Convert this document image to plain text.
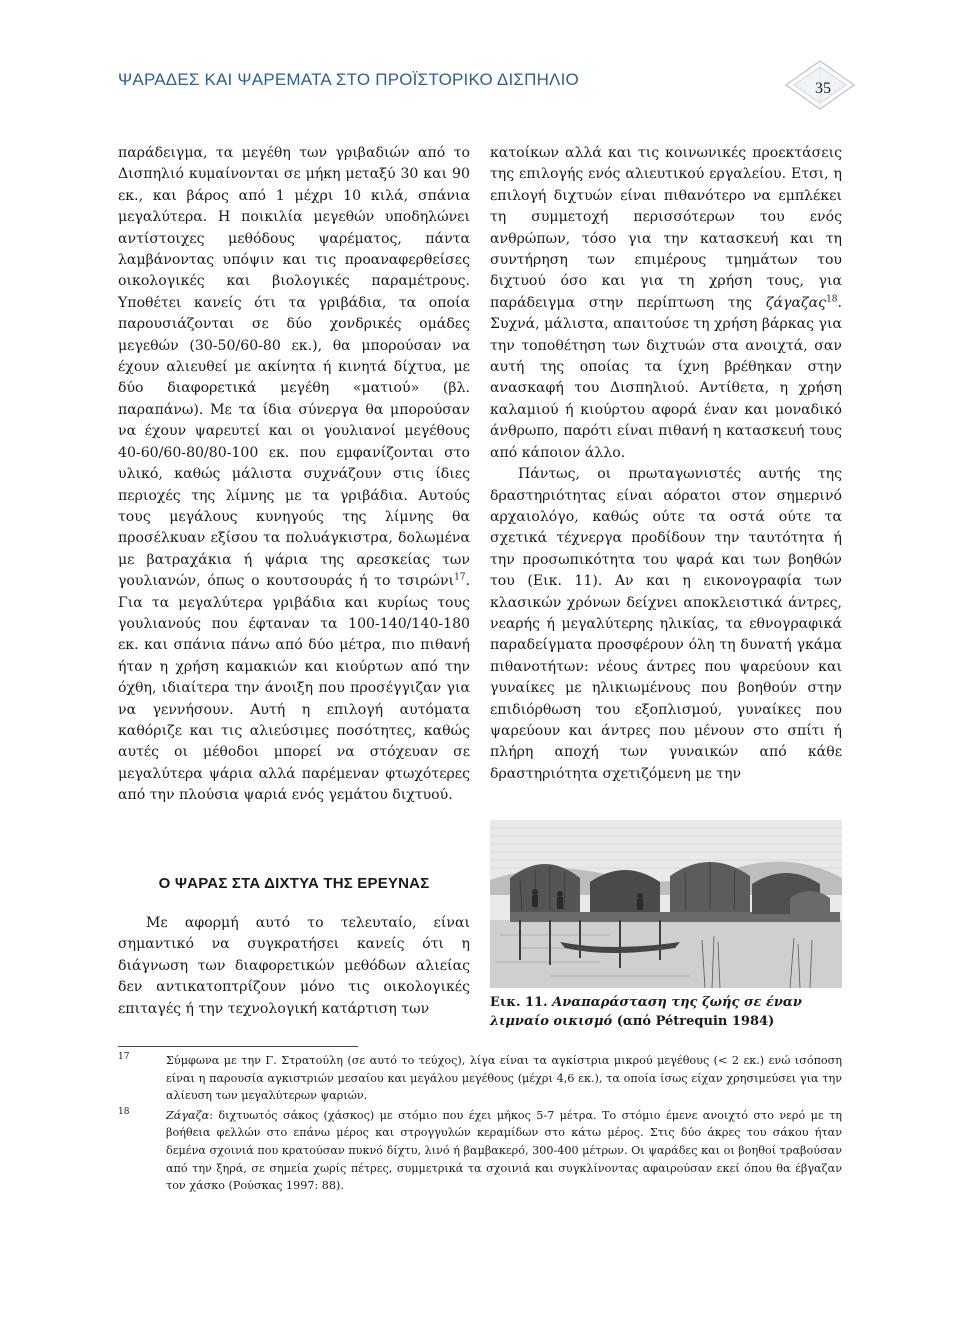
ΨΑΡΑΔΕΣ ΚΑΙ ΨΑΡΕΜΑΤΑ ΣΤΟ ΠΡΟΪΣΤΟΡΙΚΟ ΔΙΣΠΗΛΙΟ	35

παράδειγμα, τα μεγέθη των γριβαδιών από το Δισπηλιό κυμαίνονται σε μήκη μεταξύ 30 και 90 εκ., και βάρος από 1 μέχρι 10 κιλά, σπάνια μεγαλύτερα. Η ποικιλία μεγεθών υποδηλώνει αντίστοιχες μεθόδους ψαρέματος, πάντα λαμβάνοντας υπόψιν και τις προαναφερθείσες οικολογικές και βιολογικές παραμέτρους. Υποθέτει κανείς ότι τα γριβάδια, τα οποία παρουσιάζονται σε δύο χονδρικές ομάδες μεγεθών (30-50/60-80 εκ.), θα μπορούσαν να έχουν αλιευθεί με ακίνητα ή κινητά δίχτυα, με δύο διαφορετικά μεγέθη «ματιού» (βλ. παραπάνω). Με τα ίδια σύνεργα θα μπορούσαν να έχουν ψαρευτεί και οι γουλιανοί μεγέθους 40-60/60-80/80-100 εκ. που εμφανίζονται στο υλικό, καθώς μάλιστα συχνάζουν στις ίδιες περιοχές της λίμνης με τα γριβάδια. Αυτούς τους μεγάλους κυνηγούς της λίμνης θα προσέλκυαν εξίσου τα πολυάγκιστρα, δολωμένα με βατραχάκια ή ψάρια της αρεσκείας των γουλιανών, όπως ο κουτσουράς ή το τσιρώνι$^{17}$. Για τα μεγαλύτερα γριβάδια και κυρίως τους γουλιανούς που έφταναν τα 100-140/140-180 εκ. και σπάνια πάνω από δύο μέτρα, πιο πιθανή ήταν η χρήση καμακιών και κιούρτων από την όχθη, ιδιαίτερα την άνοιξη που προσέγγιζαν για να γεννήσουν. Αυτή η επιλογή αυτόματα καθόριζε και τις αλιεύσιμες ποσότητες, καθώς αυτές οι μέθοδοι μπορεί να στόχευαν σε μεγαλύτερα ψάρια αλλά παρέμεναν φτωχότερες από την πλούσια ψαριά ενός γεμάτου διχτυού.

Ο ΨΑΡΑΣ ΣΤΑ ΔΙΧΤΥΑ ΤΗΣ ΕΡΕΥΝΑΣ

Με αφορμή αυτό το τελευταίο, είναι σημαντικό να συγκρατήσει κανείς ότι η διάγνωση των διαφορετικών μεθόδων αλιείας δεν αντικατοπτρίζουν μόνο τις οικολογικές επιταγές ή την τεχνολογική κατάρτιση των

κατοίκων αλλά και τις κοινωνικές προεκτάσεις της επιλογής ενός αλιευτικού εργαλείου. Ετσι, η επιλογή διχτυών είναι πιθανότερο να εμπλέκει τη συμμετοχή περισσότερων του ενός ανθρώπων, τόσο για την κατασκευή και τη συντήρηση των επιμέρους τμημάτων του διχτυού όσο και για τη χρήση τους, για παράδειγμα στην περίπτωση της ζάγαζας$^{18}$. Συχνά, μάλιστα, απαιτούσε τη χρήση βάρκας για την τοποθέτηση των διχτυών στα ανοιχτά, σαν αυτή της οποίας τα ίχνη βρέθηκαν στην ανασκαφή του Δισπηλιού. Αντίθετα, η χρήση καλαμιού ή κιούρτου αφορά έναν και μοναδικό άνθρωπο, παρότι είναι πιθανή η κατασκευή τους από κάποιον άλλο.

Πάντως, οι πρωταγωνιστές αυτής της δραστηριότητας είναι αόρατοι στον σημερινό αρχαιολόγο, καθώς ούτε τα οστά ούτε τα σχετικά τέχνεργα προδίδουν την ταυτότητα ή την προσωπικότητα του ψαρά και των βοηθών του (Εικ. 11). Αν και η εικονογραφία των κλασικών χρόνων δείχνει αποκλειστικά άντρες, νεαρής ή μεγαλύτερης ηλικίας, τα εθνογραφικά παραδείγματα προσφέρουν όλη τη δυνατή γκάμα πιθανοτήτων: νέους άντρες που ψαρεύουν και γυναίκες με ηλικιωμένους που βοηθούν στην επιδιόρθωση του εξοπλισμού, γυναίκες που ψαρεύουν και άντρες που μένουν στο σπίτι ή πλήρη αποχή των γυναικών από κάθε δραστηριότητα σχετιζόμενη με την

Εικ. 11. Αναπαράσταση της ζωής σε έναν λιμναίο οικισμό (από Pétrequin 1984)
17	Σύμφωνα με την Γ. Στρατούλη (σε αυτό το τεύχος), λίγα είναι τα αγκίστρια μικρού μεγέθους (< 2 εκ.) ενώ ισόποση είναι η παρουσία αγκιστριών μεσαίου και μεγάλου μεγέθους (μέχρι 4,6 εκ.), τα οποία ίσως είχαν χρησιμεύσει για την αλίευση των μεγαλύτερων ψαριών.

18	Ζάγαζα: διχτυωτός σάκος (χάσκος) με στόμιο που έχει μήκος 5-7 μέτρα. Το στόμιο έμενε ανοιχτό στο νερό με τη βοήθεια φελλών στο επάνω μέρος και στρογγυλών κεραμίδων στο κάτω μέρος. Στις δύο άκρες του σάκου ήταν δεμένα σχοινιά που κρατούσαν πυκνό δίχτυ, λινό ή βαμβακερό, 300-400 μέτρων. Οι ψαράδες και οι βοηθοί τραβούσαν από την ξηρά, σε σημεία χωρίς πέτρες, συμμετρικά τα σχοινιά και συγκλίνοντας αφαιρούσαν εκεί όπου θα έβγαζαν τον χάσκο (Ρούσκας 1997: 88).
